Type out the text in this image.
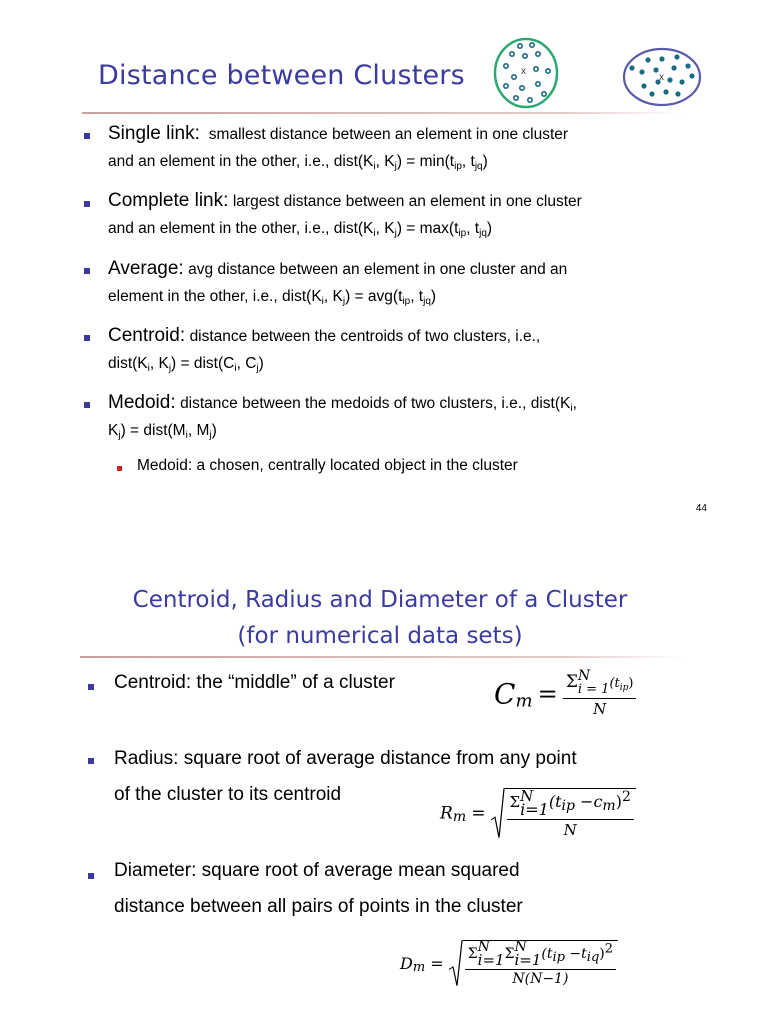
Distance between Clusters	x
x
Single link: smallest distance between an element in one cluster
and an element in the other, i.e., $dist(K_i$, $K_j) = \min(t_{ip}$, $t_{jq}$)
Complete link: largest distance between an element in one cluster
and an element in the other, i.e., $dist(K_i$, $K_j) = \max(t_{ip}$, $t_{jq}$)
Average: avg distance between an element in one cluster and an
element in the other, i.e., $dist(K_i$, $K_j) = avg(t_{ip}$, $t_{jq}$)
Centroid: distance between the centroids of two clusters, i.e.,
$dist(K_i$, $K_j$) = $dist(C_i$, $C_j$)
Medoid: distance between the medoids of two clusters, i.e., $dist(K_i$,
$K_j$) = $dist(M_i$, $M_j$)
Medoid: a chosen, centrally located object in the cluster
44
Centroid, Radius and Diameter of a Cluster
(for numerical data sets)
Centroid: the “middle” of a cluster	$C_m = \Sigma$ N
i = 1 $(t_{ip})$
N
Radius: square root of average distance from any point
of the cluster to its centroid
$R_m = \Sigma$ N
i=1 $(t_{ip} -c_m)^2$
N
Diameter: square root of average mean squared
distance between all pairs of points in the cluster
$D_m = \Sigma$ N
i=1 Σ N
i=1 $(t_{ip} -t_{iq})^2$
N(N−1)
